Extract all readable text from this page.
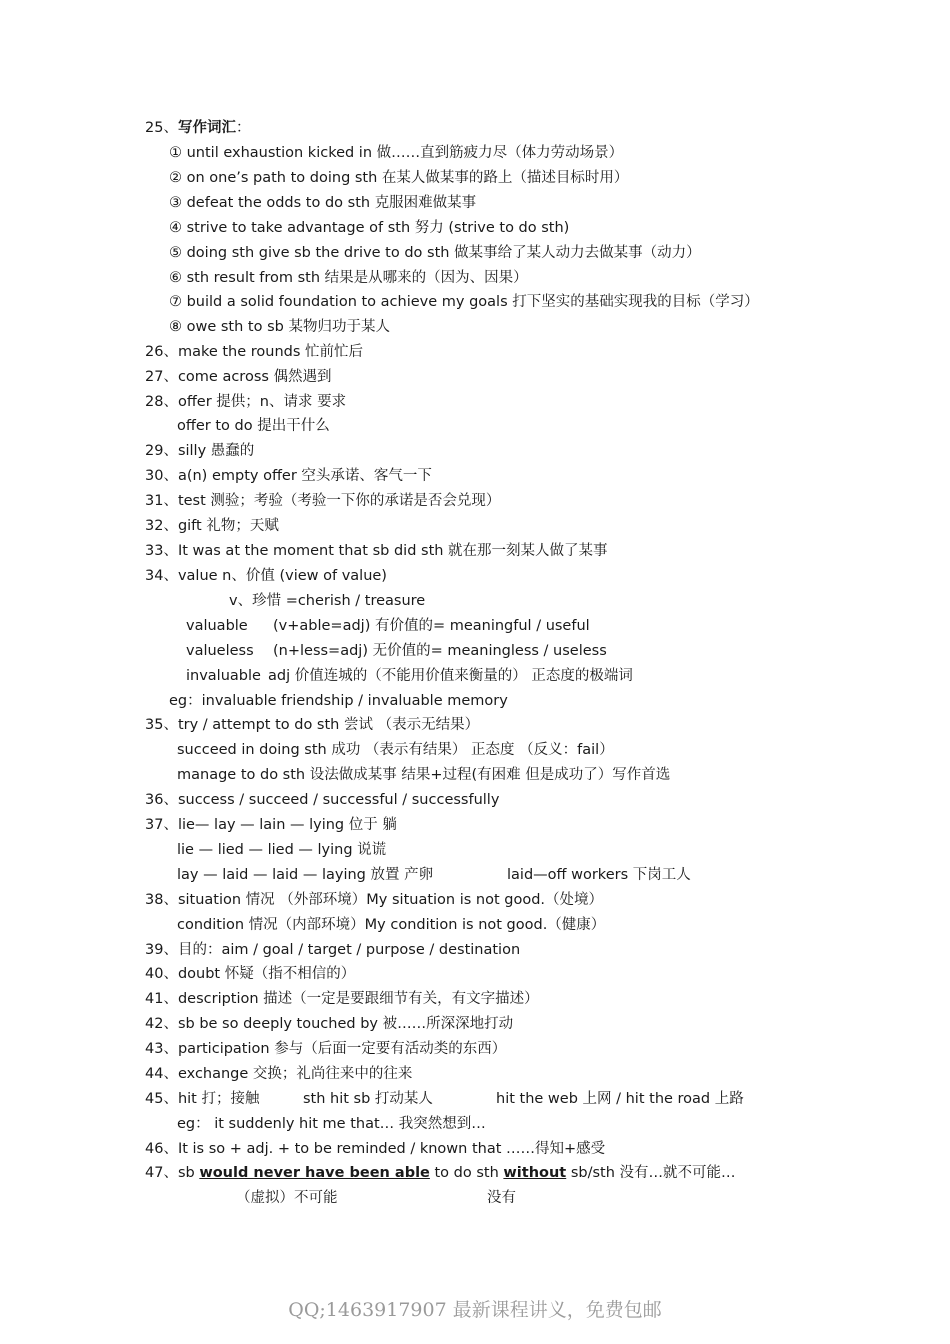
25、写作词汇：
① until exhaustion kicked in 做……直到筋疲力尽（体力劳动场景）
② on one’s path to doing sth 在某人做某事的路上（描述目标时用）
③ defeat the odds to do sth 克服困难做某事
④ strive to take advantage of sth 努力 (strive to do sth)
⑤ doing sth give sb the drive to do sth 做某事给了某人动力去做某事（动力）
⑥ sth result from sth 结果是从哪来的（因为、因果）
⑦ build a solid foundation to achieve my goals 打下坚实的基础实现我的目标（学习）
⑧ owe sth to sb 某物归功于某人
26、make the rounds 忙前忙后
27、come across 偶然遇到
28、offer 提供；n、请求 要求
offer to do 提出干什么
29、silly 愚蠢的
30、a(n) empty offer 空头承诺、客气一下
31、test 测验；考验（考验一下你的承诺是否会兑现）
32、gift 礼物；天赋
33、It was at the moment that sb did sth 就在那一刻某人做了某事
34、value n、价值 (view of value)
v、珍惜 =cherish / treasure
valuable (v+able=adj) 有价值的= meaningful / useful
valueless (n+less=adj) 无价值的= meaningless / useless
invaluable adj 价值连城的（不能用价值来衡量的） 正态度的极端词
eg：invaluable friendship / invaluable memory
35、try / attempt to do sth 尝试 （表示无结果）
succeed in doing sth 成功 （表示有结果） 正态度 （反义：fail）
manage to do sth 设法做成某事 结果+过程(有困难 但是成功了）写作首选
36、success / succeed / successful / successfully
37、lie— lay — lain — lying 位于 躺
lie — lied — lied — lying 说谎
lay — laid — laid — laying 放置 产卵	laid—off workers 下岗工人
38、situation 情况 （外部环境）My situation is not good.（处境）
condition 情况（内部环境）My condition is not good.（健康）
39、目的：aim / goal / target / purpose / destination
40、doubt 怀疑（指不相信的）
41、description 描述（一定是要跟细节有关，有文字描述）
42、sb be so deeply touched by 被……所深深地打动
43、participation 参与（后面一定要有活动类的东西）
44、exchange 交换；礼尚往来中的往来
45、hit 打；接触	sth hit sb 打动某人	hit the web 上网 / hit the road 上路
eg： it suddenly hit me that… 我突然想到…
46、It is so + adj. + to be reminded / known that ……得知+感受
47、sb would never have been able to do sth without sb/sth 没有…就不可能…
（虚拟）不可能	没有
QQ;1463917907 最新课程讲义，免费包邮
